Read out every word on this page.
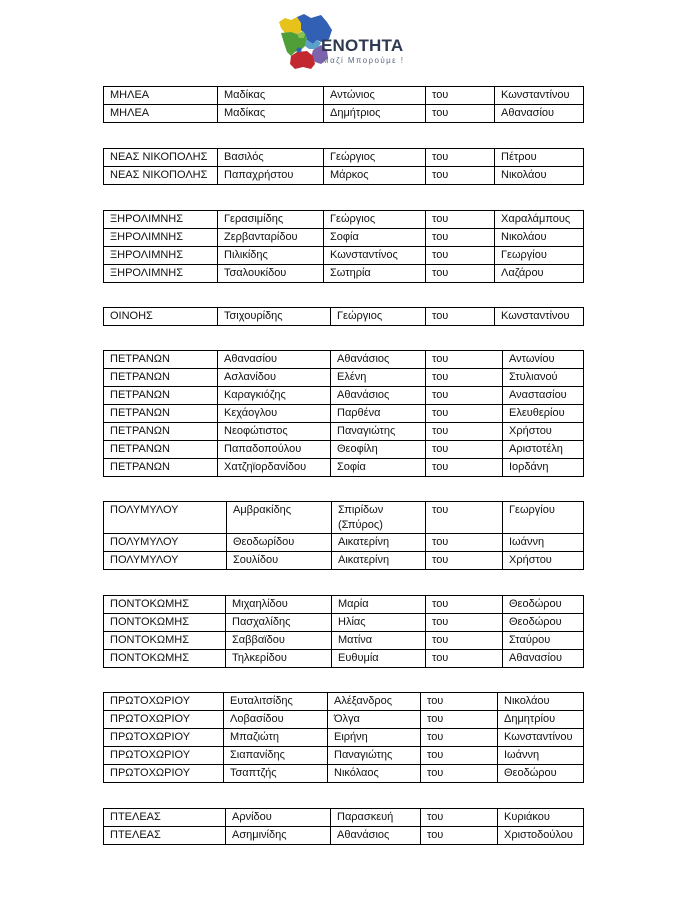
ΕΝΟΤΗΤΑ
Μαζί Μπορούμε !
ΜΗΛΕΑ	Μαδίκας	Αντώνιος	του	Κωνσταντίνου
ΜΗΛΕΑ	Μαδίκας	Δημήτριος	του	Αθανασίου
ΝΕΑΣ ΝΙΚΟΠΟΛΗΣ	Βασιλός	Γεώργιος	του	Πέτρου
ΝΕΑΣ ΝΙΚΟΠΟΛΗΣ	Παπαχρήστου	Μάρκος	του	Νικολάου
ΞΗΡΟΛΙΜΝΗΣ	Γερασιμίδης	Γεώργιος	του	Χαραλάμπους
ΞΗΡΟΛΙΜΝΗΣ	Ζερβανταρίδου	Σοφία	του	Νικολάου
ΞΗΡΟΛΙΜΝΗΣ	Πιλικίδης	Κωνσταντίνος	του	Γεωργίου
ΞΗΡΟΛΙΜΝΗΣ	Τσαλουκίδου	Σωτηρία	του	Λαζάρου
ΟΙΝΟΗΣ	Τσιχουρίδης	Γεώργιος	του	Κωνσταντίνου
ΠΕΤΡΑΝΩΝ	Αθανασίου	Αθανάσιος	του	Αντωνίου
ΠΕΤΡΑΝΩΝ	Ασλανίδου	Ελένη	του	Στυλιανού
ΠΕΤΡΑΝΩΝ	Καραγκιόζης	Αθανάσιος	του	Αναστασίου
ΠΕΤΡΑΝΩΝ	Κεχάογλου	Παρθένα	του	Ελευθερίου
ΠΕΤΡΑΝΩΝ	Νεοφώτιστος	Παναγιώτης	του	Χρήστου
ΠΕΤΡΑΝΩΝ	Παπαδοπούλου	Θεοφίλη	του	Αριστοτέλη
ΠΕΤΡΑΝΩΝ	Χατζηϊορδανίδου	Σοφία	του	Ιορδάνη
ΠΟΛΥΜΥΛΟΥ	Αμβρακίδης	Σπιρίδων (Σπύρος)	του	Γεωργίου
ΠΟΛΥΜΥΛΟΥ	Θεοδωρίδου	Αικατερίνη	του	Ιωάννη
ΠΟΛΥΜΥΛΟΥ	Σουλίδου	Αικατερίνη	του	Χρήστου
ΠΟΝΤΟΚΩΜΗΣ	Μιχαηλίδου	Μαρία	του	Θεοδώρου
ΠΟΝΤΟΚΩΜΗΣ	Πασχαλίδης	Ηλίας	του	Θεοδώρου
ΠΟΝΤΟΚΩΜΗΣ	Σαββαϊδου	Ματίνα	του	Σταύρου
ΠΟΝΤΟΚΩΜΗΣ	Τηλκερίδου	Ευθυμία	του	Αθανασίου
ΠΡΩΤΟΧΩΡΙΟΥ	Ευταλιτσίδης	Αλέξανδρος	του	Νικολάου
ΠΡΩΤΟΧΩΡΙΟΥ	Λοβασίδου	Όλγα	του	Δημητρίου
ΠΡΩΤΟΧΩΡΙΟΥ	Μπαζιώτη	Ειρήνη	του	Κωνσταντίνου
ΠΡΩΤΟΧΩΡΙΟΥ	Σιαπανίδης	Παναγιώτης	του	Ιωάννη
ΠΡΩΤΟΧΩΡΙΟΥ	Τσαπτζής	Νικόλαος	του	Θεοδώρου
ΠΤΕΛΕΑΣ	Αρνίδου	Παρασκευή	του	Κυριάκου
ΠΤΕΛΕΑΣ	Ασημινίδης	Αθανάσιος	του	Χριστοδούλου
